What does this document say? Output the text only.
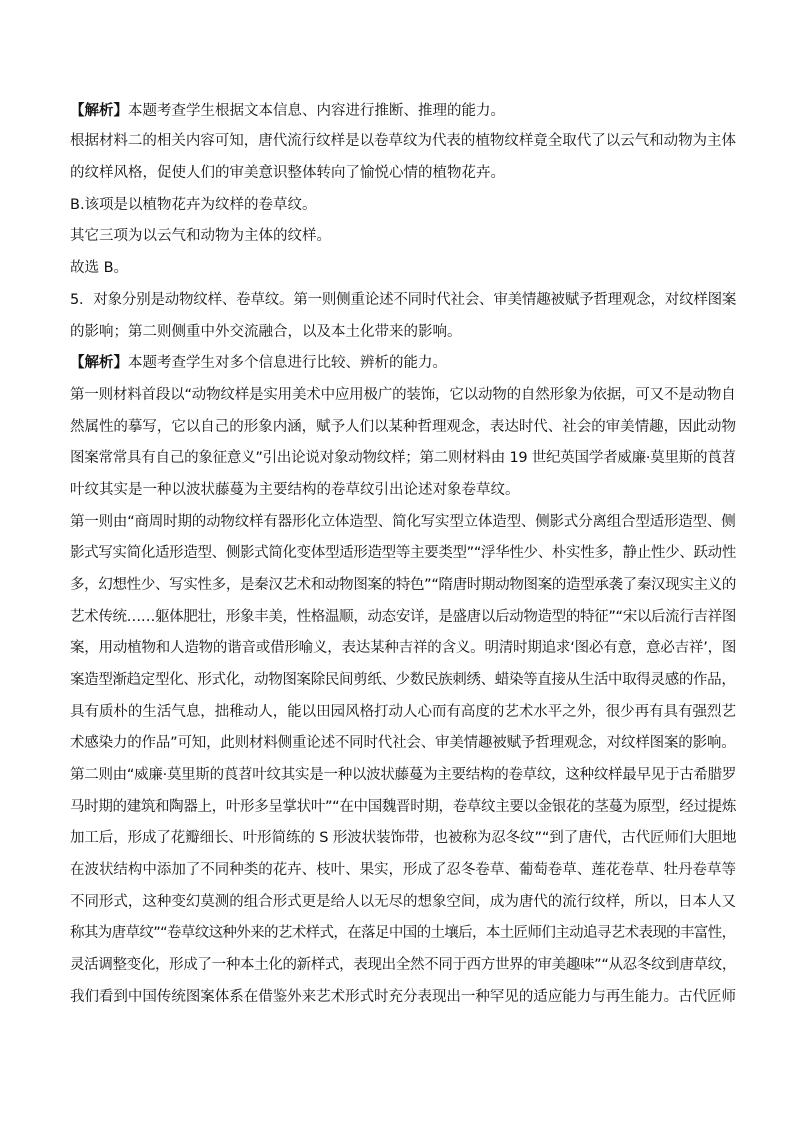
【解析】本题考查学生根据文本信息、内容进行推断、推理的能力。
根据材料二的相关内容可知，唐代流行纹样是以卷草纹为代表的植物纹样竟全取代了以云气和动物为主体
的纹样风格，促使人们的审美意识整体转向了愉悦心情的植物花卉。
B.该项是以植物花卉为纹样的卷草纹。
其它三项为以云气和动物为主体的纹样。
故选 B。
5．对象分别是动物纹样、卷草纹。第一则侧重论述不同时代社会、审美情趣被赋予哲理观念，对纹样图案
的影响；第二则侧重中外交流融合，以及本土化带来的影响。
【解析】本题考查学生对多个信息进行比较、辨析的能力。
第一则材料首段以“动物纹样是实用美术中应用极广的装饰，它以动物的自然形象为依据，可又不是动物自
然属性的摹写，它以自己的形象内涵，赋予人们以某种哲理观念，表达时代、社会的审美情趣，因此动物
图案常常具有自己的象征意义”引出论说对象动物纹样；第二则材料由 19 世纪英国学者威廉·莫里斯的莨苕
叶纹其实是一种以波状藤蔓为主要结构的卷草纹引出论述对象卷草纹。
第一则由“商周时期的动物纹样有器形化立体造型、简化写实型立体造型、侧影式分离组合型适形造型、侧
影式写实简化适形造型、侧影式简化变体型适形造型等主要类型”“浮华性少、朴实性多，静止性少、跃动性
多，幻想性少、写实性多，是秦汉艺术和动物图案的特色”“隋唐时期动物图案的造型承袭了秦汉现实主义的
艺术传统……躯体肥壮，形象丰美，性格温顺，动态安详，是盛唐以后动物造型的特征”“宋以后流行吉祥图
案，用动植物和人造物的谐音或借形喻义，表达某种吉祥的含义。明清时期追求‘图必有意，意必吉祥’，图
案造型渐趋定型化、形式化，动物图案除民间剪纸、少数民族刺绣、蜡染等直接从生活中取得灵感的作品，
具有质朴的生活气息，拙稚动人，能以田园风格打动人心而有高度的艺术水平之外，很少再有具有强烈艺
术感染力的作品”可知，此则材料侧重论述不同时代社会、审美情趣被赋予哲理观念，对纹样图案的影响。
第二则由“威廉·莫里斯的莨苕叶纹其实是一种以波状藤蔓为主要结构的卷草纹，这种纹样最早见于古希腊罗
马时期的建筑和陶器上，叶形多呈掌状叶”“在中国魏晋时期，卷草纹主要以金银花的茎蔓为原型，经过提炼
加工后，形成了花瓣细长、叶形简练的 S 形波状装饰带，也被称为忍冬纹”“到了唐代，古代匠师们大胆地
在波状结构中添加了不同种类的花卉、枝叶、果实，形成了忍冬卷草、葡萄卷草、莲花卷草、牡丹卷草等
不同形式，这种变幻莫测的组合形式更是给人以无尽的想象空间，成为唐代的流行纹样，所以，日本人又
称其为唐草纹”“卷草纹这种外来的艺术样式，在落足中国的土壤后，本土匠师们主动追寻艺术表现的丰富性，
灵活调整变化，形成了一种本土化的新样式，表现出全然不同于西方世界的审美趣味”“从忍冬纹到唐草纹，
我们看到中国传统图案体系在借鉴外来艺术形式时充分表现出一种罕见的适应能力与再生能力。古代匠师
